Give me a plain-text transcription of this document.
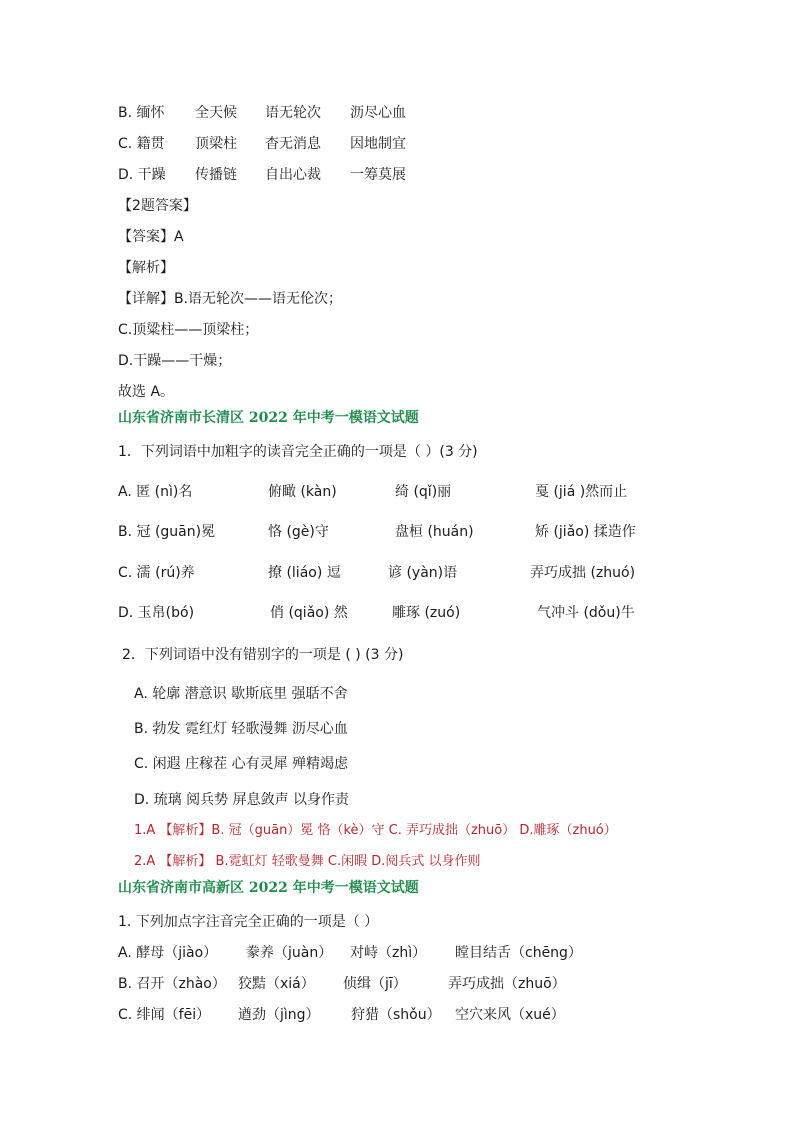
B. 缅怀 全天候 语无轮次 沥尽心血
C. 籍贯 顶梁柱 杳无消息 因地制宜
D. 干躁 传播链 自出心裁 一筹莫展
【2题答案】
【答案】A
【解析】
【详解】B.语无轮次——语无伦次；
C.顶粱柱——顶梁柱；
D.干躁——干燥；
故选 A。
山东省济南市长清区 2022 年中考一模语文试题
1．下列词语中加粗字的读音完全正确的一项是（ ）(3 分)
A. 匿 (nì)名	俯瞰 (kàn)	绮 (qǐ)丽	戛 (jiá )然而止
B. 冠 (guān)冕	恪 (gè)守	盘桓 (huán)	矫 (jiǎo) 揉造作
C. 濡 (rú)养	撩 (liáo) 逗	谚 (yàn)语	弄巧成拙 (zhuó)
D. 玉帛(bó)	俏 (qiǎo) 然	雕琢 (zuó)	气冲斗 (dǒu)牛
2．下列词语中没有错别字的一项是 ( ) (3 分)
A. 轮廓 潜意识 歇斯底里 强聒不舍
B. 勃发 霓红灯 轻歌漫舞 沥尽心血
C. 闲遐 庄稼茬 心有灵犀 殚精竭虑
D. 琉璃 阅兵势 屏息敛声 以身作责
1.A 【解析】B. 冠（guān）冕 恪（kè）守 C. 弄巧成拙（zhuō） D.雕琢（zhuó）
2.A 【解析】 B.霓虹灯 轻歌曼舞 C.闲暇 D.阅兵式 以身作则
山东省济南市高新区 2022 年中考一模语文试题
1. 下列加点字注音完全正确的一项是（ ）
A. 酵母（jiào） 豢养（juàn） 对峙（zhì） 瞠目结舌（chēng）
B. 召开（zhào） 狡黠（xiá） 侦缉（jī）	弄巧成拙（zhuō）
C. 绯闻（fēi） 遒劲（jìng） 狩猎（shǒu） 空穴来风（xué）
